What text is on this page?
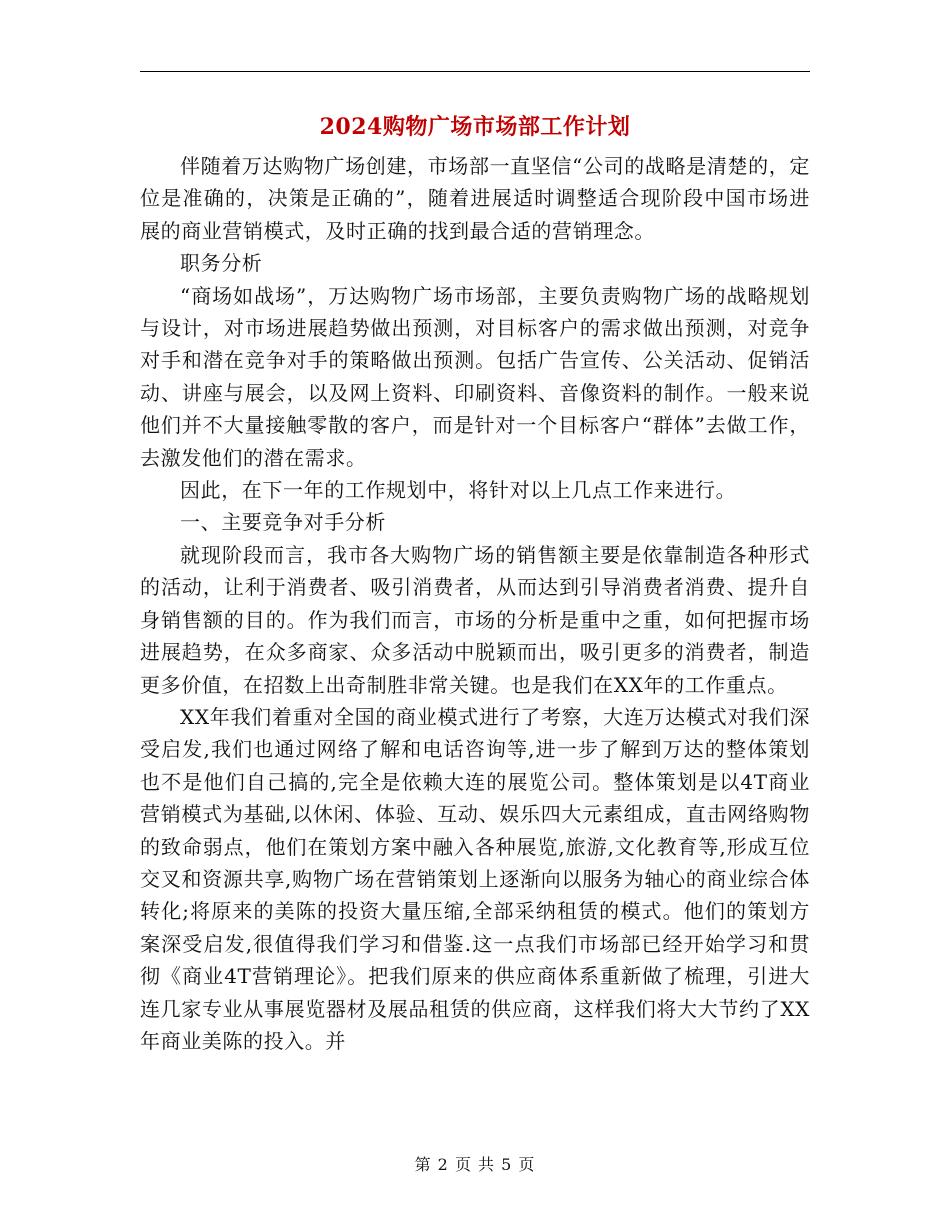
2024购物广场市场部工作计划

伴随着万达购物广场创建，市场部一直坚信“公司的战略是清楚的，定位是准确的，决策是正确的”，随着进展适时调整适合现阶段中国市场进展的商业营销模式，及时正确的找到最合适的营销理念。

职务分析

“商场如战场”，万达购物广场市场部，主要负责购物广场的战略规划与设计，对市场进展趋势做出预测，对目标客户的需求做出预测，对竞争对手和潜在竞争对手的策略做出预测。包括广告宣传、公关活动、促销活动、讲座与展会，以及网上资料、印刷资料、音像资料的制作。一般来说他们并不大量接触零散的客户，而是针对一个目标客户“群体”去做工作，去激发他们的潜在需求。

因此，在下一年的工作规划中，将针对以上几点工作来进行。

一、主要竞争对手分析

就现阶段而言，我市各大购物广场的销售额主要是依靠制造各种形式的活动，让利于消费者、吸引消费者，从而达到引导消费者消费、提升自身销售额的目的。作为我们而言，市场的分析是重中之重，如何把握市场进展趋势，在众多商家、众多活动中脱颖而出，吸引更多的消费者，制造更多价值，在招数上出奇制胜非常关键。也是我们在XX年的工作重点。

XX年我们着重对全国的商业模式进行了考察，大连万达模式对我们深受启发,我们也通过网络了解和电话咨询等,进一步了解到万达的整体策划也不是他们自己搞的,完全是依赖大连的展览公司。整体策划是以4T商业营销模式为基础,以休闲、体验、互动、娱乐四大元素组成，直击网络购物的致命弱点，他们在策划方案中融入各种展览,旅游,文化教育等,形成互位交叉和资源共享,购物广场在营销策划上逐渐向以服务为轴心的商业综合体转化;将原来的美陈的投资大量压缩,全部采纳租赁的模式。他们的策划方案深受启发,很值得我们学习和借鉴.这一点我们市场部已经开始学习和贯彻《商业4T营销理论》。把我们原来的供应商体系重新做了梳理，引进大连几家专业从事展览器材及展品租赁的供应商，这样我们将大大节约了XX年商业美陈的投入。并

第 2 页 共 5 页
